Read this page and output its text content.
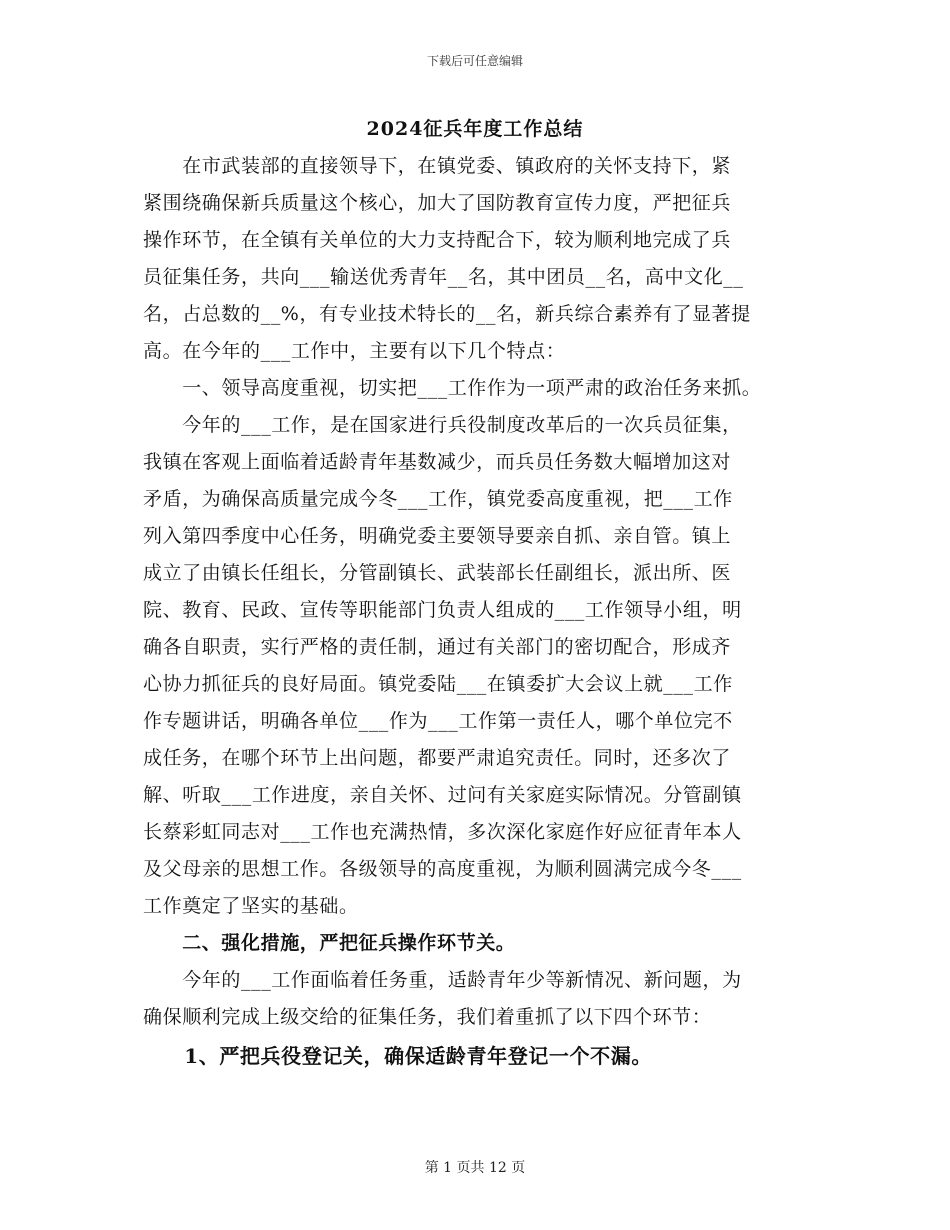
下载后可任意编辑
2024征兵年度工作总结
　　在市武装部的直接领导下，在镇党委、镇政府的关怀支持下，紧
紧围绕确保新兵质量这个核心，加大了国防教育宣传力度，严把征兵
操作环节，在全镇有关单位的大力支持配合下，较为顺利地完成了兵
员征集任务，共向___输送优秀青年__名，其中团员__名，高中文化__
名，占总数的__%，有专业技术特长的__名，新兵综合素养有了显著提
高。在今年的___工作中，主要有以下几个特点：
　　一、领导高度重视，切实把___工作作为一项严肃的政治任务来抓。
　　今年的___工作，是在国家进行兵役制度改革后的一次兵员征集，
我镇在客观上面临着适龄青年基数减少，而兵员任务数大幅增加这对
矛盾，为确保高质量完成今冬___工作，镇党委高度重视，把___工作
列入第四季度中心任务，明确党委主要领导要亲自抓、亲自管。镇上
成立了由镇长任组长，分管副镇长、武装部长任副组长，派出所、医
院、教育、民政、宣传等职能部门负责人组成的___工作领导小组，明
确各自职责，实行严格的责任制，通过有关部门的密切配合，形成齐
心协力抓征兵的良好局面。镇党委陆___在镇委扩大会议上就___工作
作专题讲话，明确各单位___作为___工作第一责任人，哪个单位完不
成任务，在哪个环节上出问题，都要严肃追究责任。同时，还多次了
解、听取___工作进度，亲自关怀、过问有关家庭实际情况。分管副镇
长蔡彩虹同志对___工作也充满热情，多次深化家庭作好应征青年本人
及父母亲的思想工作。各级领导的高度重视，为顺利圆满完成今冬___
工作奠定了坚实的基础。
　　二、强化措施，严把征兵操作环节关。
　　今年的___工作面临着任务重，适龄青年少等新情况、新问题，为
确保顺利完成上级交给的征集任务，我们着重抓了以下四个环节：
　　1、严把兵役登记关，确保适龄青年登记一个不漏。
第 1 页共 12 页
